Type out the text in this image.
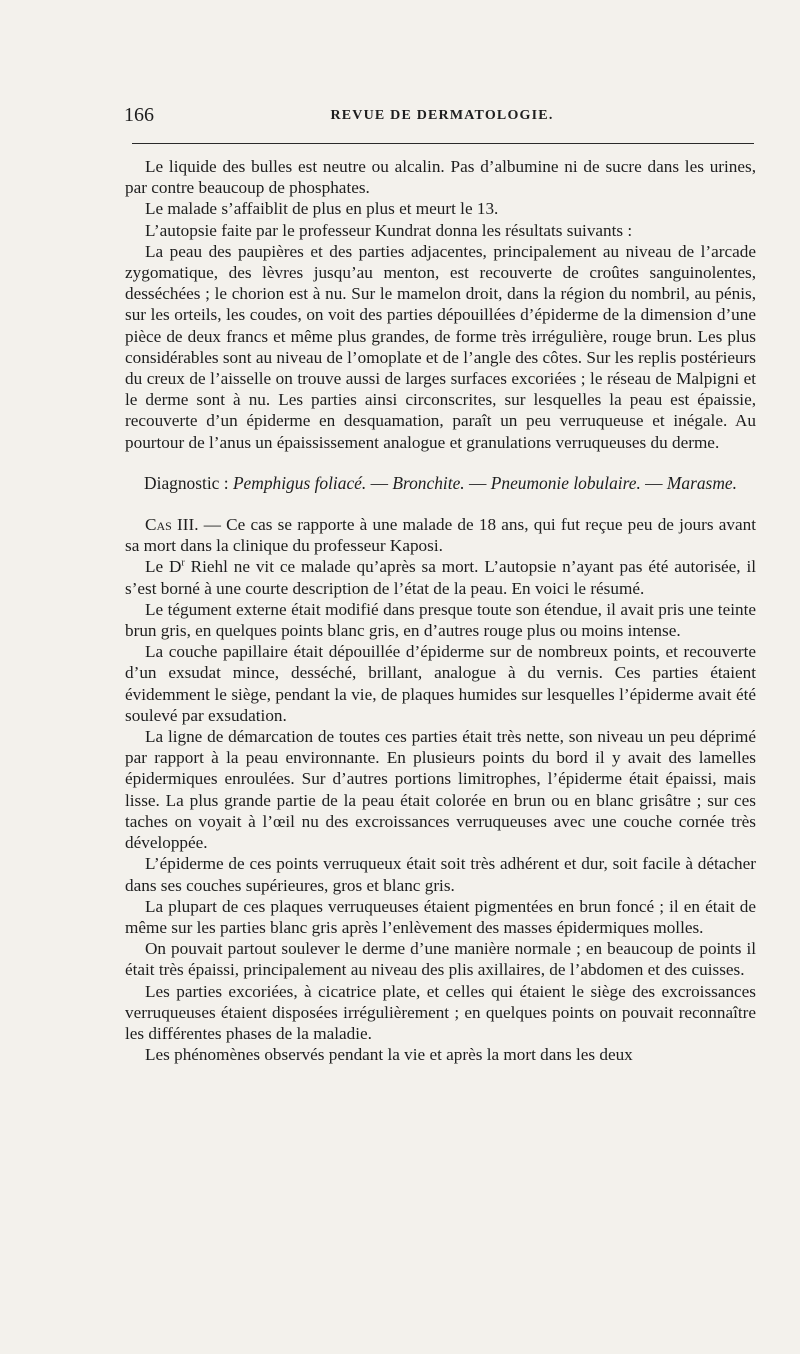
166	REVUE DE DERMATOLOGIE.

Le liquide des bulles est neutre ou alcalin. Pas d’albumine ni de sucre dans les urines, par contre beaucoup de phosphates.

Le malade s’affaiblit de plus en plus et meurt le 13.

L’autopsie faite par le professeur Kundrat donna les résultats suivants :

La peau des paupières et des parties adjacentes, principalement au niveau de l’arcade zygomatique, des lèvres jusqu’au menton, est recouverte de croûtes sanguinolentes, desséchées ; le chorion est à nu. Sur le mamelon droit, dans la région du nombril, au pénis, sur les orteils, les coudes, on voit des parties dépouillées d’épiderme de la dimension d’une pièce de deux francs et même plus grandes, de forme très irrégulière, rouge brun. Les plus considérables sont au niveau de l’omoplate et de l’angle des côtes. Sur les replis postérieurs du creux de l’aisselle on trouve aussi de larges surfaces excoriées ; le réseau de Malpigni et le derme sont à nu. Les parties ainsi circonscrites, sur lesquelles la peau est épaissie, recouverte d’un épiderme en desquamation, paraît un peu verruqueuse et inégale. Au pourtour de l’anus un épaississement analogue et granulations verruqueuses du derme.

Diagnostic : Pemphigus foliacé. — Bronchite. — Pneumonie lobulaire. — Marasme.

Cas III. — Ce cas se rapporte à une malade de 18 ans, qui fut reçue peu de jours avant sa mort dans la clinique du professeur Kaposi.

Le $D^r$ Riehl ne vit ce malade qu’après sa mort. L’autopsie n’ayant pas été autorisée, il s’est borné à une courte description de l’état de la peau. En voici le résumé.

Le tégument externe était modifié dans presque toute son étendue, il avait pris une teinte brun gris, en quelques points blanc gris, en d’autres rouge plus ou moins intense.

La couche papillaire était dépouillée d’épiderme sur de nombreux points, et recouverte d’un exsudat mince, desséché, brillant, analogue à du vernis. Ces parties étaient évidemment le siège, pendant la vie, de plaques humides sur lesquelles l’épiderme avait été soulevé par exsudation.

La ligne de démarcation de toutes ces parties était très nette, son niveau un peu déprimé par rapport à la peau environnante. En plusieurs points du bord il y avait des lamelles épidermiques enroulées. Sur d’autres portions limitrophes, l’épiderme était épaissi, mais lisse. La plus grande partie de la peau était colorée en brun ou en blanc grisâtre ; sur ces taches on voyait à l’œil nu des excroissances verruqueuses avec une couche cornée très développée.

L’épiderme de ces points verruqueux était soit très adhérent et dur, soit facile à détacher dans ses couches supérieures, gros et blanc gris.

La plupart de ces plaques verruqueuses étaient pigmentées en brun foncé ; il en était de même sur les parties blanc gris après l’enlèvement des masses épidermiques molles.

On pouvait partout soulever le derme d’une manière normale ; en beaucoup de points il était très épaissi, principalement au niveau des plis axillaires, de l’abdomen et des cuisses.

Les parties excoriées, à cicatrice plate, et celles qui étaient le siège des excroissances verruqueuses étaient disposées irrégulièrement ; en quelques points on pouvait reconnaître les différentes phases de la maladie.

Les phénomènes observés pendant la vie et après la mort dans les deux
